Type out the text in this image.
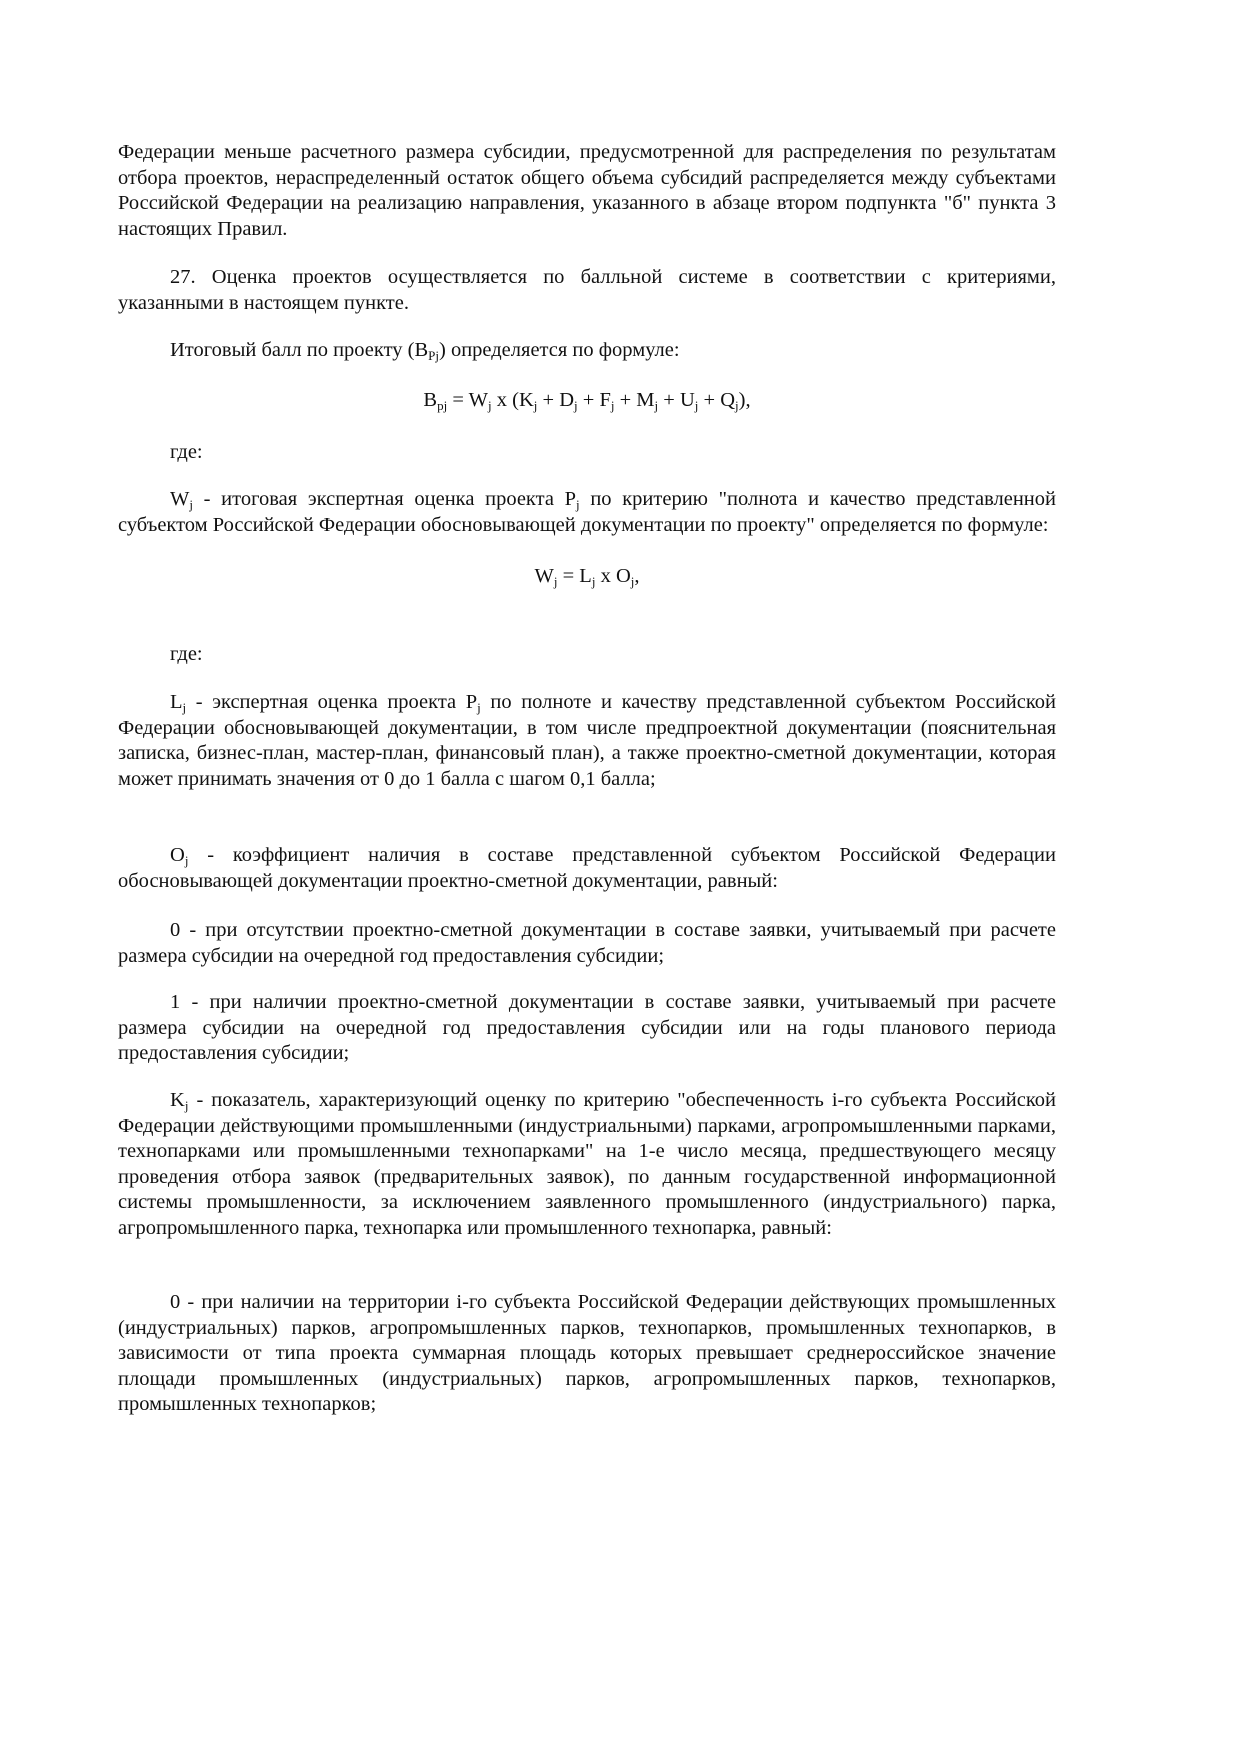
Федерации меньше расчетного размера субсидии, предусмотренной для распределения по результатам отбора проектов, нераспределенный остаток общего объема субсидий распределяется между субъектами Российской Федерации на реализацию направления, указанного в абзаце втором подпункта "б" пункта 3 настоящих Правил.

27. Оценка проектов осуществляется по балльной системе в соответствии с критериями, указанными в настоящем пункте.

Итоговый балл по проекту $(B_{Pj})$ определяется по формуле:

$B_{pj} = W_j$ x $(K_j + D_j + F_j + M_j + U_j + Q_j)$,

где:

$W_j$ - итоговая экспертная оценка проекта $P_j$ по критерию "полнота и качество представленной субъектом Российской Федерации обосновывающей документации по проекту" определяется по формуле:

$W_j = L_j$ x $O_j$,

где:

$L_j$ - экспертная оценка проекта $P_j$ по полноте и качеству представленной субъектом Российской Федерации обосновывающей документации, в том числе предпроектной документации (пояснительная записка, бизнес-план, мастер-план, финансовый план), а также проектно-сметной документации, которая может принимать значения от 0 до 1 балла с шагом 0,1 балла;

$O_j$ - коэффициент наличия в составе представленной субъектом Российской Федерации обосновывающей документации проектно-сметной документации, равный:

0 - при отсутствии проектно-сметной документации в составе заявки, учитываемый при расчете размера субсидии на очередной год предоставления субсидии;

1 - при наличии проектно-сметной документации в составе заявки, учитываемый при расчете размера субсидии на очередной год предоставления субсидии или на годы планового периода предоставления субсидии;

$K_j$ - показатель, характеризующий оценку по критерию "обеспеченность i-го субъекта Российской Федерации действующими промышленными (индустриальными) парками, агропромышленными парками, технопарками или промышленными технопарками" на 1-е число месяца, предшествующего месяцу проведения отбора заявок (предварительных заявок), по данным государственной информационной системы промышленности, за исключением заявленного промышленного (индустриального) парка, агропромышленного парка, технопарка или промышленного технопарка, равный:

0 - при наличии на территории i-го субъекта Российской Федерации действующих промышленных (индустриальных) парков, агропромышленных парков, технопарков, промышленных технопарков, в зависимости от типа проекта суммарная площадь которых превышает среднероссийское значение площади промышленных (индустриальных) парков, агропромышленных парков, технопарков, промышленных технопарков;
